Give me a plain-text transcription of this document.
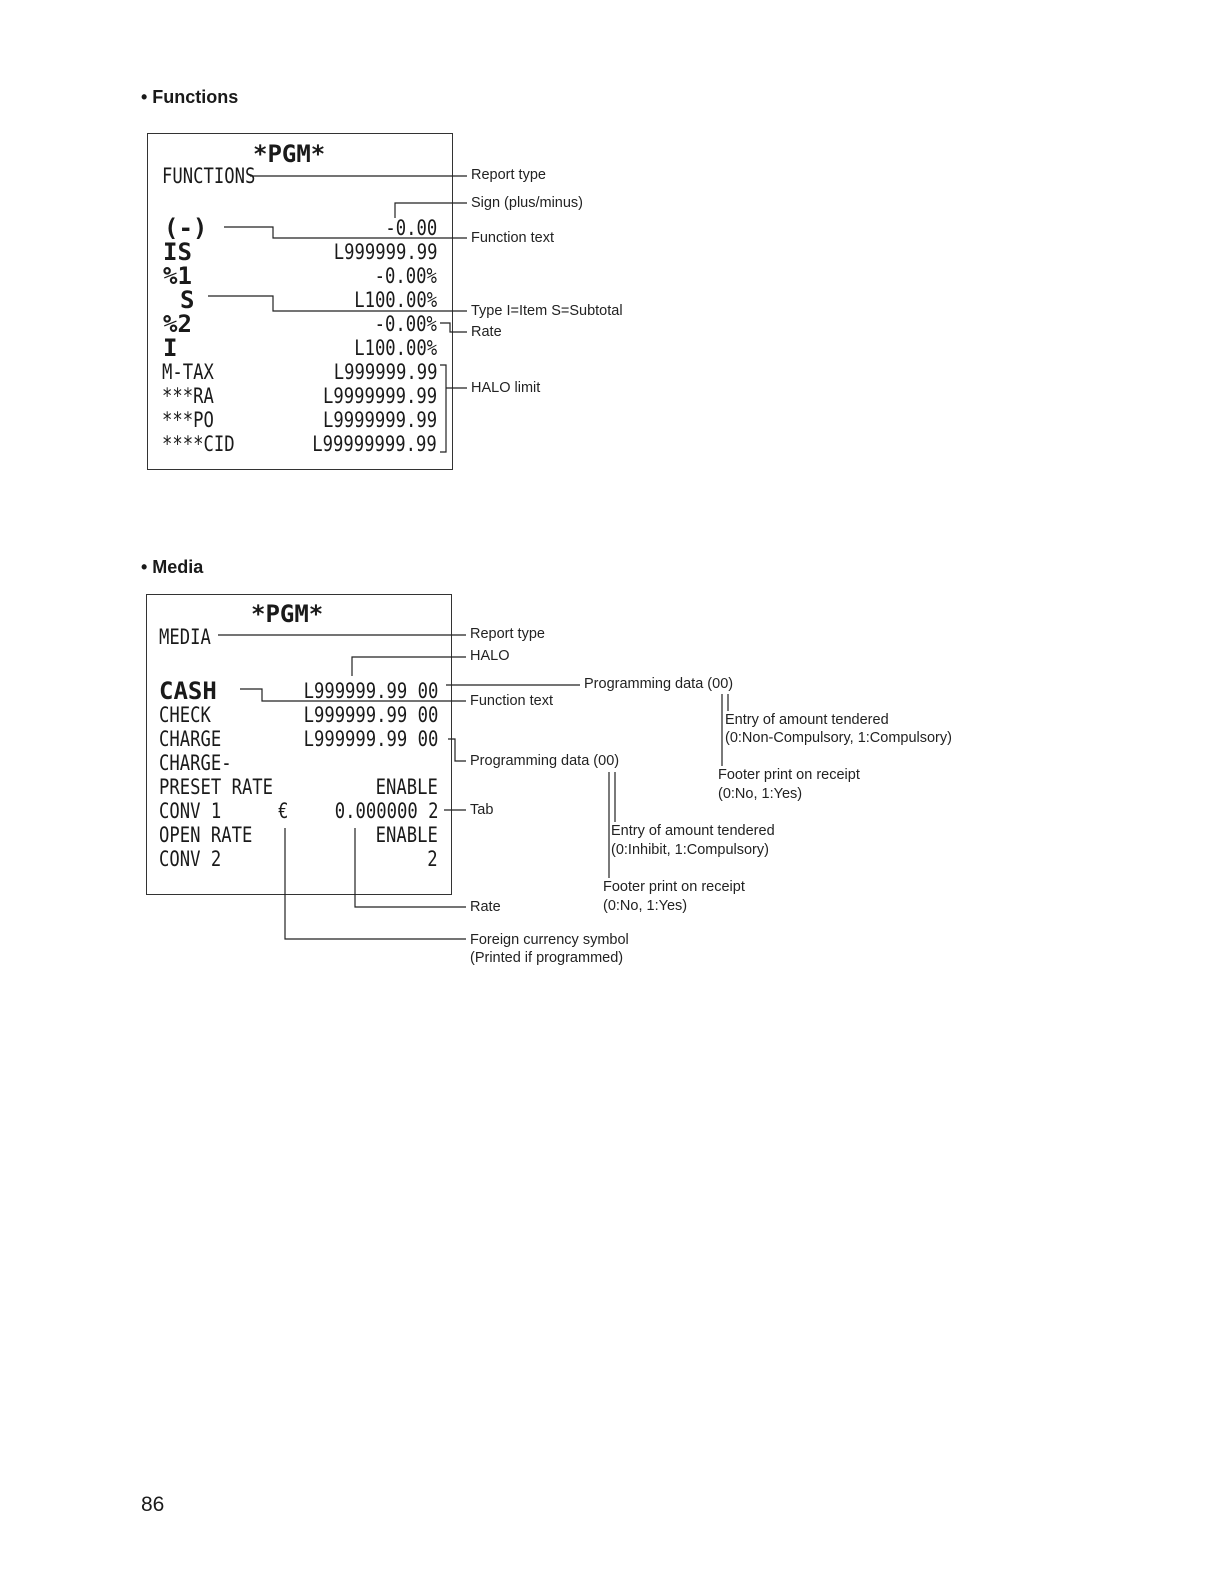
• Functions
*PGM*
FUNCTIONS
(-)
IS
%1
S
%2
I
M-TAX
***RA
***PO
****CID
-0.00
L999999.99
-0.00%
L100.00%
-0.00%
L100.00%
L999999.99
L9999999.99
L9999999.99
L99999999.99
Report type
Sign (plus/minus)
Function text
Type I=Item S=Subtotal
Rate
HALO limit
• Media
*PGM*
MEDIA
CASH
CHECK
CHARGE
CHARGE-
PRESET RATE
CONV 1	€
OPEN RATE
CONV 2
L999999.99 00
L999999.99 00
L999999.99 00
ENABLE
0.000000 2
ENABLE
2
Report type
HALO
Programming data (00)
Function text
Entry of amount tendered
(0:Non-Compulsory, 1:Compulsory)
Programming data (00)
Footer print on receipt
(0:No, 1:Yes)
Tab
Entry of amount tendered
(0:Inhibit, 1:Compulsory)
Footer print on receipt
(0:No, 1:Yes)
Rate
Foreign currency symbol
(Printed if programmed)
86
